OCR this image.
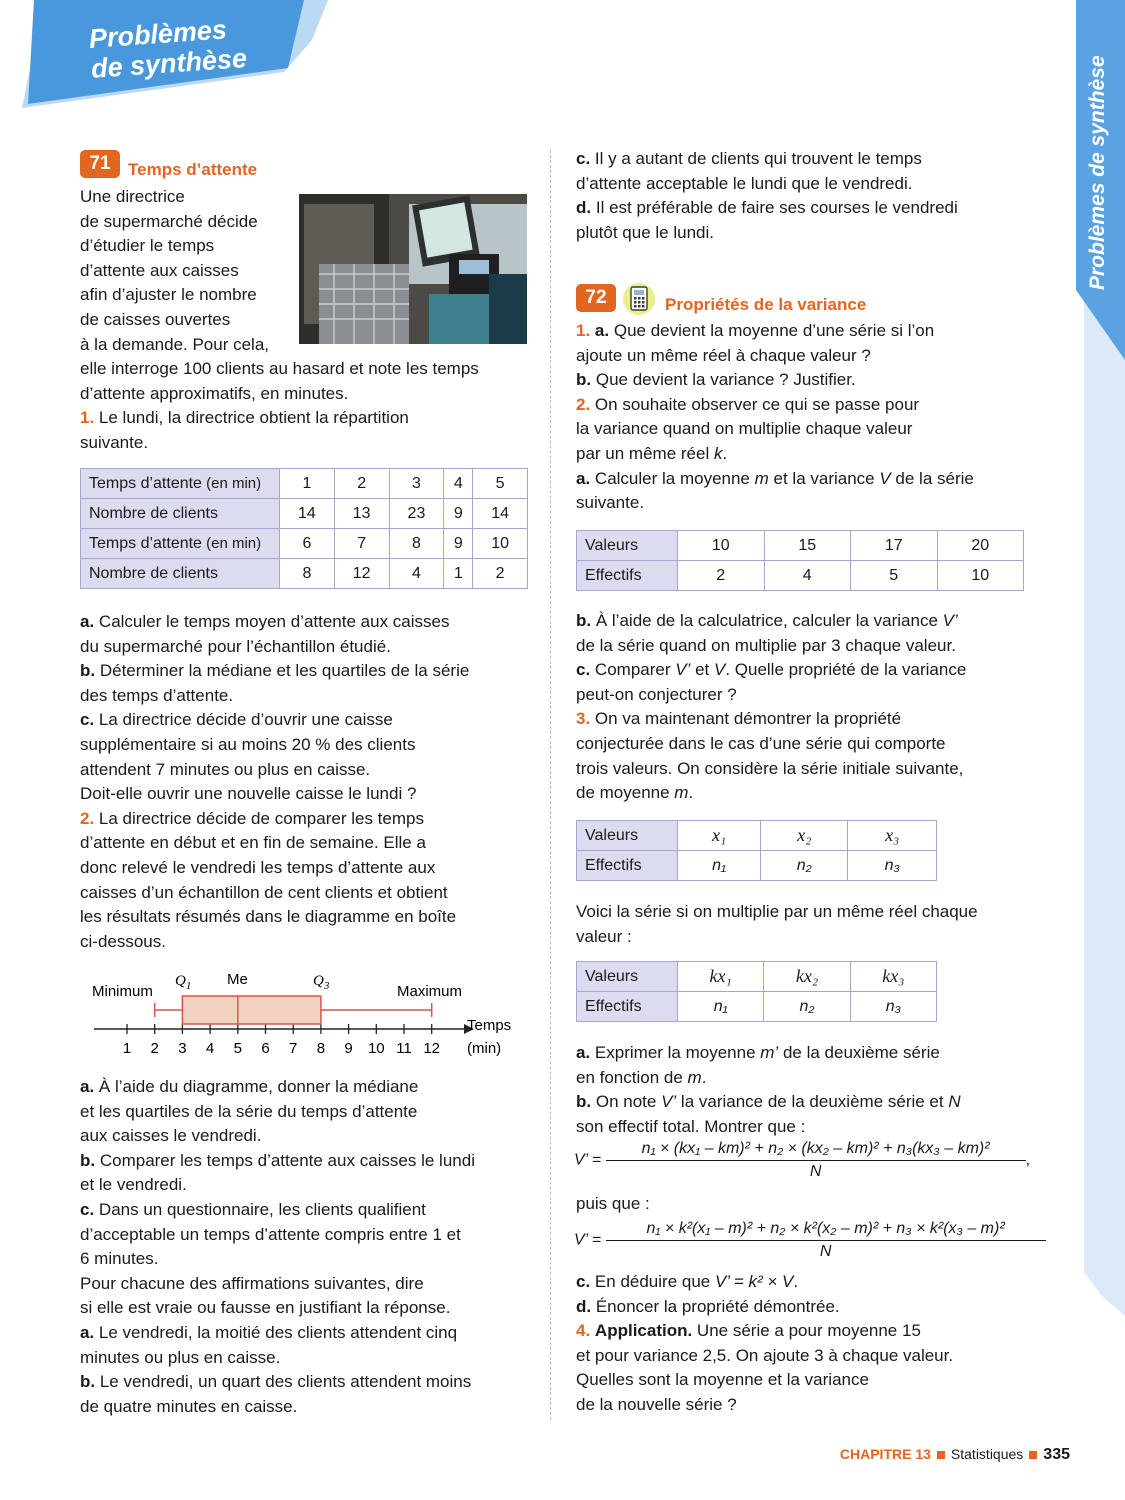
Problèmes
de synthèse	Problèmes de synthèse
71	Temps d’attente
Une directrice
de supermarché décide
d’étudier le temps
d’attente aux caisses
afin d’ajuster le nombre
de caisses ouvertes
à la demande. Pour cela,
elle interroge 100 clients au hasard et note les temps
d’attente approximatifs, en minutes.
1. Le lundi, la directrice obtient la répartition
suivante.
Temps d’attente (en min)	1	2	3	4	5
Nombre de clients	14	13	23	9	14
Temps d’attente (en min)	6	7	8	9	10
Nombre de clients	8	12	4	1	2
a. Calculer le temps moyen d’attente aux caisses
du supermarché pour l’échantillon étudié.
b. Déterminer la médiane et les quartiles de la série
des temps d’attente.
c. La directrice décide d’ouvrir une caisse
supplémentaire si au moins 20 % des clients
attendent 7 minutes ou plus en caisse.
Doit-elle ouvrir une nouvelle caisse le lundi ?
2. La directrice décide de comparer les temps
d’attente en début et en fin de semaine. Elle a
donc relevé le vendredi les temps d’attente aux
caisses d’un échantillon de cent clients et obtient
les résultats résumés dans le diagramme en boîte
ci-dessous.
1 2 3 4 5 6 7 8 9 10 11 12
Minimum
$Q_1$ Me	$Q_3$	Maximum
Temps
(min)
a. À l’aide du diagramme, donner la médiane
et les quartiles de la série du temps d’attente
aux caisses le vendredi.
b. Comparer les temps d’attente aux caisses le lundi
et le vendredi.
c. Dans un questionnaire, les clients qualifient
d’acceptable un temps d’attente compris entre 1 et
6 minutes.
Pour chacune des affirmations suivantes, dire
si elle est vraie ou fausse en justifiant la réponse.
a. Le vendredi, la moitié des clients attendent cinq
minutes ou plus en caisse.
b. Le vendredi, un quart des clients attendent moins
de quatre minutes en caisse.
c. Il y a autant de clients qui trouvent le temps
d’attente acceptable le lundi que le vendredi.
d. Il est préférable de faire ses courses le vendredi
plutôt que le lundi.
72	Propriétés de la variance
1. a. Que devient la moyenne d’une série si l’on
ajoute un même réel à chaque valeur ?
b. Que devient la variance ? Justifier.
2. On souhaite observer ce qui se passe pour
la variance quand on multiplie chaque valeur
par un même réel k.
a. Calculer la moyenne m et la variance V de la série
suivante.
Valeurs	10	15	17	20
Effectifs	2	4	5	10
b. À l’aide de la calculatrice, calculer la variance V’
de la série quand on multiplie par 3 chaque valeur.
c. Comparer V’ et V. Quelle propriété de la variance
peut-on conjecturer ?
3. On va maintenant démontrer la propriété
conjecturée dans le cas d’une série qui comporte
trois valeurs. On considère la série initiale suivante,
de moyenne m.
Valeurs	x₁	x₂	x₃
Effectifs	n₁	n₂	n₃
Voici la série si on multiplie par un même réel chaque
valeur :
Valeurs	kx₁	kx₂	kx₃
Effectifs	n₁	n₂	n₃
a. Exprimer la moyenne m’ de la deuxième série
en fonction de m.
b. On note V’ la variance de la deuxième série et N
son effectif total. Montrer que :
V’ = $\frac{\text{n₁ × (kx₁ – km)² + n₂ × (kx₂ – km)² + n₃(kx₃ – km)²}}{N}$ ,
puis que :
V’ = $\frac{\text{n₁ × k²(x₁ – m)² + n₂ × k²(x₂ – m)² + n₃ × k²(x₃ – m)²}}{N}$
c. En déduire que V’ = k² × V.
d. Énoncer la propriété démontrée.
4. Application. Une série a pour moyenne 15
et pour variance 2,5. On ajoute 3 à chaque valeur.
Quelles sont la moyenne et la variance
de la nouvelle série ?
CHAPITRE 13 Statistiques 335
